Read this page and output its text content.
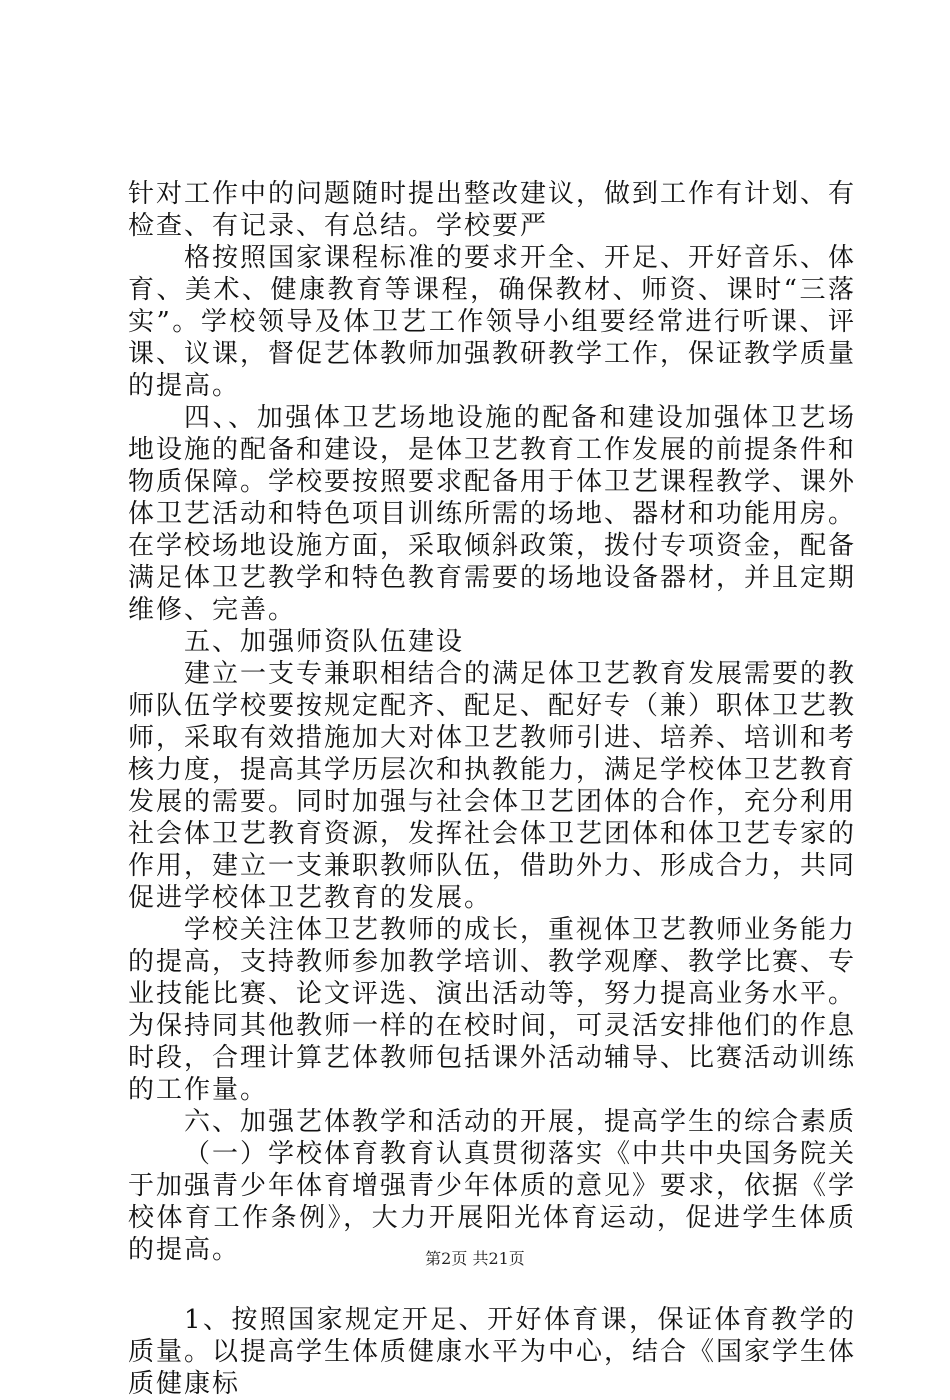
针对工作中的问题随时提出整改建议，做到工作有计划、有检查、有记录、有总结。学校要严

格按照国家课程标准的要求开全、开足、开好音乐、体育、美术、健康教育等课程，确保教材、师资、课时“三落实”。学校领导及体卫艺工作领导小组要经常进行听课、评课、议课，督促艺体教师加强教研教学工作，保证教学质量的提高。

四、、加强体卫艺场地设施的配备和建设加强体卫艺场地设施的配备和建设，是体卫艺教育工作发展的前提条件和物质保障。学校要按照要求配备用于体卫艺课程教学、课外体卫艺活动和特色项目训练所需的场地、器材和功能用房。在学校场地设施方面，采取倾斜政策，拨付专项资金，配备满足体卫艺教学和特色教育需要的场地设备器材，并且定期维修、完善。

五、加强师资队伍建设

建立一支专兼职相结合的满足体卫艺教育发展需要的教师队伍学校要按规定配齐、配足、配好专（兼）职体卫艺教师，采取有效措施加大对体卫艺教师引进、培养、培训和考核力度，提高其学历层次和执教能力，满足学校体卫艺教育发展的需要。同时加强与社会体卫艺团体的合作，充分利用社会体卫艺教育资源，发挥社会体卫艺团体和体卫艺专家的作用，建立一支兼职教师队伍，借助外力、形成合力，共同促进学校体卫艺教育的发展。

学校关注体卫艺教师的成长，重视体卫艺教师业务能力的提高，支持教师参加教学培训、教学观摩、教学比赛、专业技能比赛、论文评选、演出活动等，努力提高业务水平。为保持同其他教师一样的在校时间，可灵活安排他们的作息时段，合理计算艺体教师包括课外活动辅导、比赛活动训练的工作量。

六、加强艺体教学和活动的开展，提高学生的综合素质

（一）学校体育教育认真贯彻落实《中共中央国务院关于加强青少年体育增强青少年体质的意见》要求，依据《学校体育工作条例》，大力开展阳光体育运动，促进学生体质的提高。

1、按照国家规定开足、开好体育课，保证体育教学的质量。以提高学生体质健康水平为中心，结合《国家学生体质健康标

第2页 共21页
